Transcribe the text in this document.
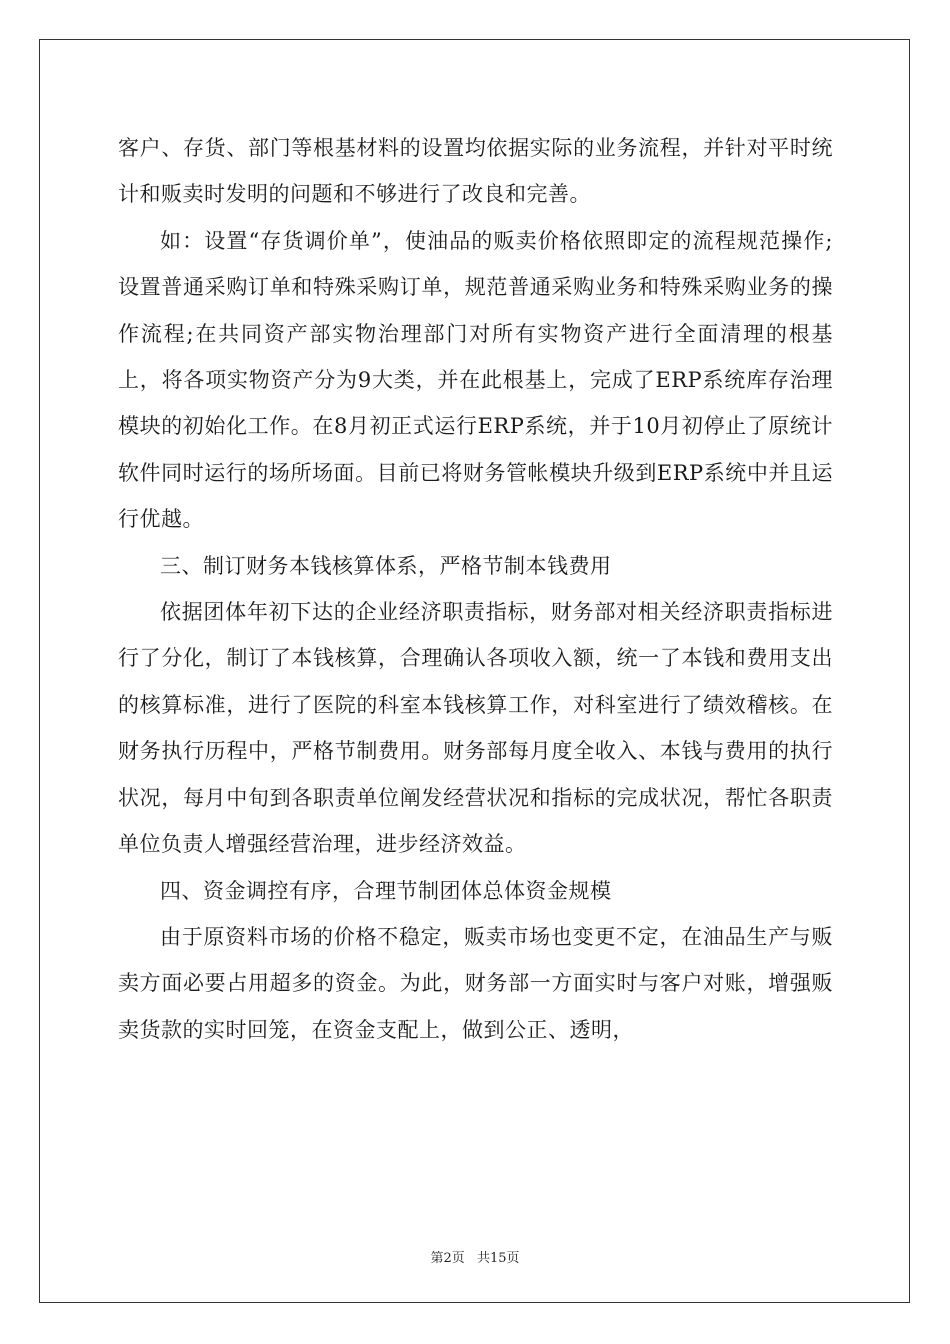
客户、存货、部门等根基材料的设置均依据实际的业务流程，并针对平时统计和贩卖时发明的问题和不够进行了改良和完善。

如：设置“存货调价单”，使油品的贩卖价格依照即定的流程规范操作;设置普通采购订单和特殊采购订单，规范普通采购业务和特殊采购业务的操作流程;在共同资产部实物治理部门对所有实物资产进行全面清理的根基上，将各项实物资产分为9大类，并在此根基上，完成了ERP系统库存治理模块的初始化工作。在8月初正式运行ERP系统，并于10月初停止了原统计软件同时运行的场所场面。目前已将财务管帐模块升级到ERP系统中并且运行优越。

三、制订财务本钱核算体系，严格节制本钱费用

依据团体年初下达的企业经济职责指标，财务部对相关经济职责指标进行了分化，制订了本钱核算，合理确认各项收入额，统一了本钱和费用支出的核算标准，进行了医院的科室本钱核算工作，对科室进行了绩效稽核。在财务执行历程中，严格节制费用。财务部每月度全收入、本钱与费用的执行状况，每月中旬到各职责单位阐发经营状况和指标的完成状况，帮忙各职责单位负责人增强经营治理，进步经济效益。

四、资金调控有序，合理节制团体总体资金规模

由于原资料市场的价格不稳定，贩卖市场也变更不定，在油品生产与贩卖方面必要占用超多的资金。为此，财务部一方面实时与客户对账，增强贩卖货款的实时回笼，在资金支配上，做到公正、透明，

第2页 共15页
